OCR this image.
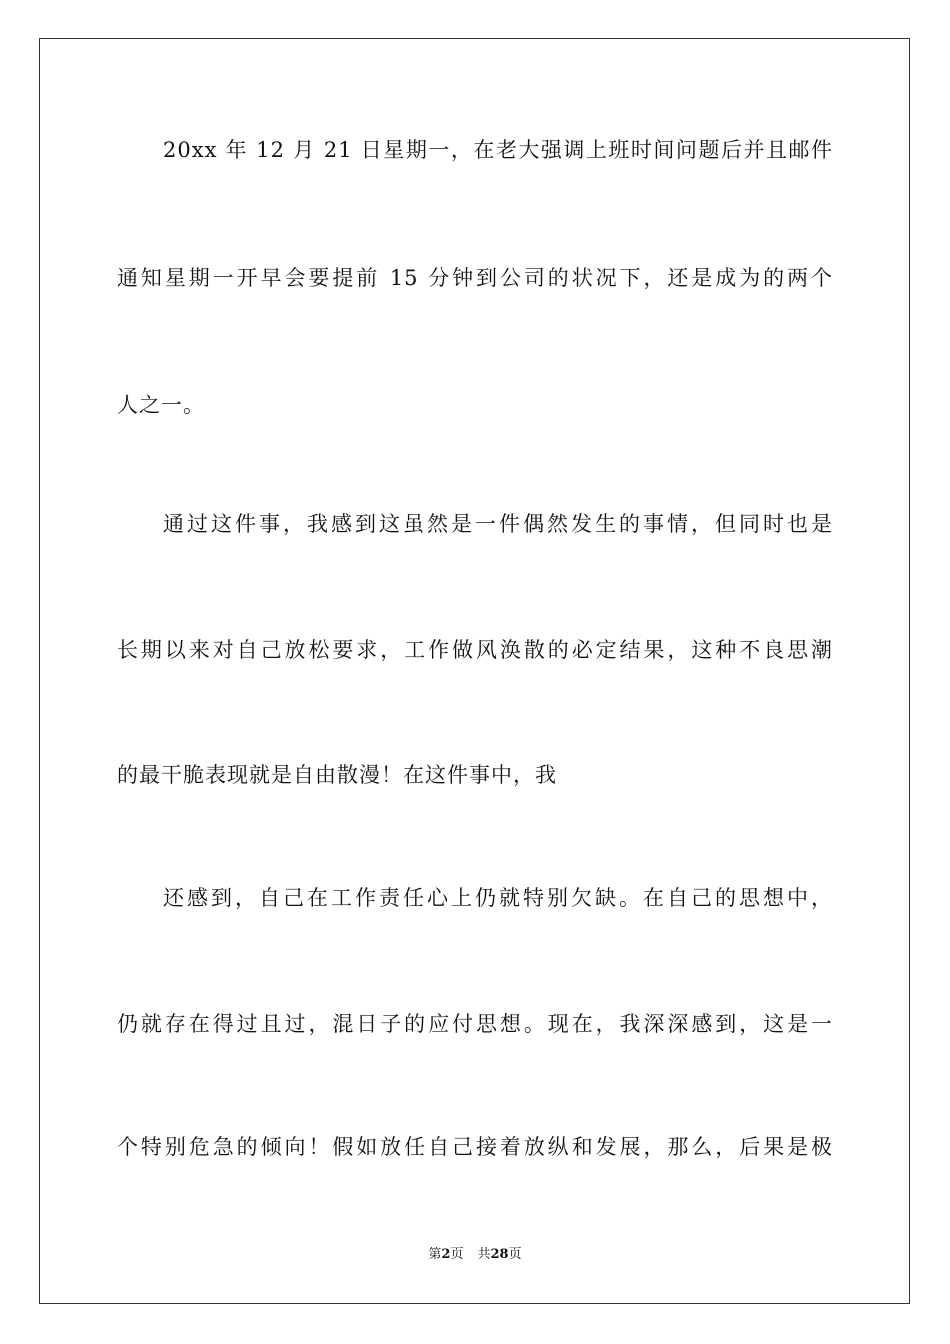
20xx 年 12 月 21 日星期一，在老大强调上班时间问题后并且邮件
通知星期一开早会要提前 15 分钟到公司的状况下，还是成为的两个
人之一。
通过这件事，我感到这虽然是一件偶然发生的事情，但同时也是
长期以来对自己放松要求，工作做风涣散的必定结果，这种不良思潮
的最干脆表现就是自由散漫！在这件事中，我
还感到，自己在工作责任心上仍就特别欠缺。在自己的思想中，
仍就存在得过且过，混日子的应付思想。现在，我深深感到，这是一
个特别危急的倾向！假如放任自己接着放纵和发展，那么，后果是极
第2页 共28页
